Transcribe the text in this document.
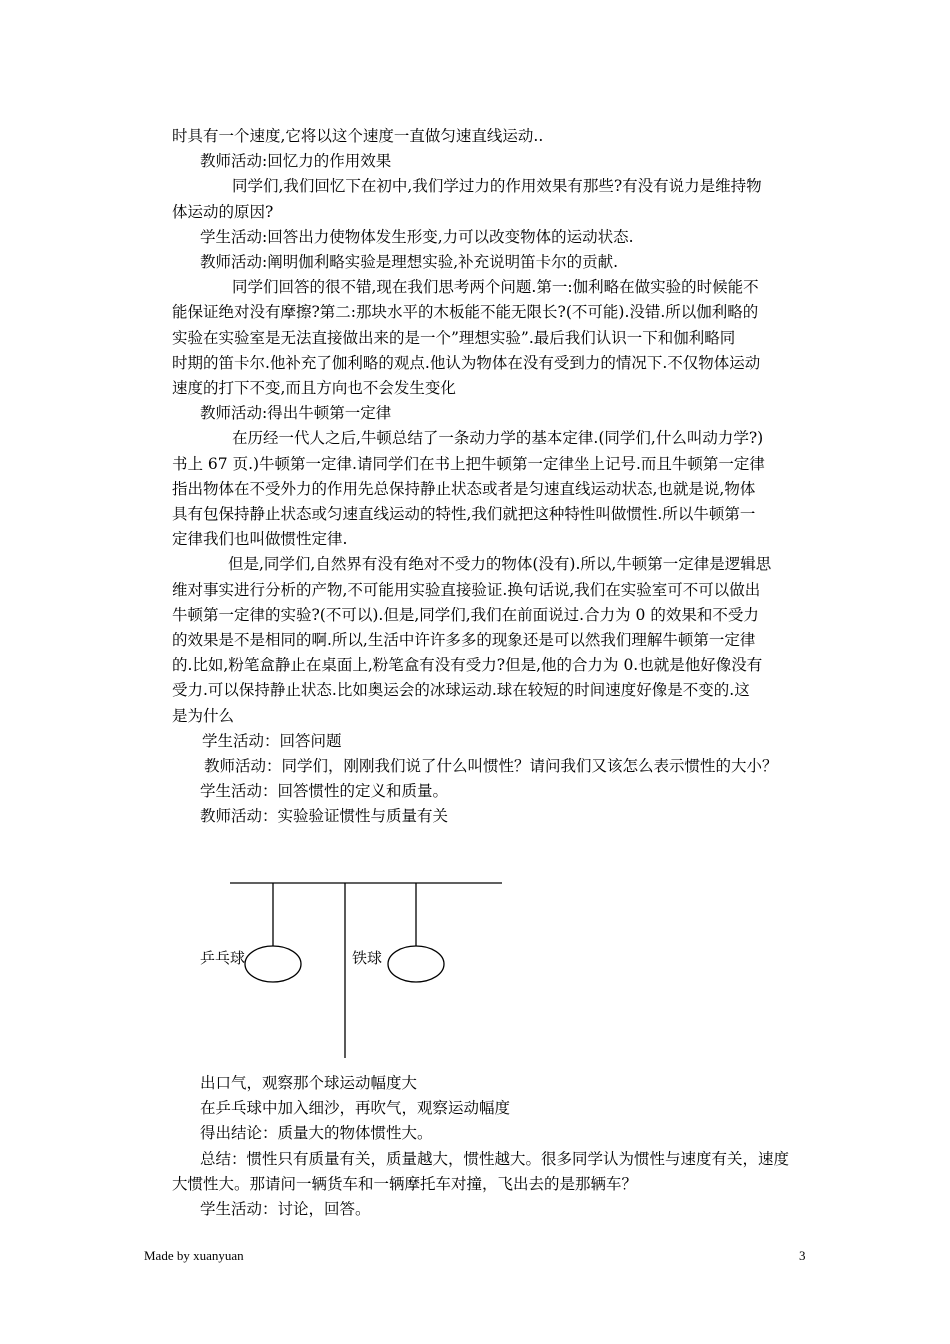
时具有一个速度,它将以这个速度一直做匀速直线运动..
教师活动:回忆力的作用效果
同学们,我们回忆下在初中,我们学过力的作用效果有那些?有没有说力是维持物
体运动的原因?
学生活动:回答出力使物体发生形变,力可以改变物体的运动状态.
教师活动:阐明伽利略实验是理想实验,补充说明笛卡尔的贡献.
同学们回答的很不错,现在我们思考两个问题.第一:伽利略在做实验的时候能不
能保证绝对没有摩擦?第二:那块水平的木板能不能无限长?(不可能).没错.所以伽利略的
实验在实验室是无法直接做出来的是一个”理想实验”.最后我们认识一下和伽利略同
时期的笛卡尔.他补充了伽利略的观点.他认为物体在没有受到力的情况下.不仅物体运动
速度的打下不变,而且方向也不会发生变化
教师活动:得出牛顿第一定律
在历经一代人之后,牛顿总结了一条动力学的基本定律.(同学们,什么叫动力学?)
书上 67 页.)牛顿第一定律.请同学们在书上把牛顿第一定律坐上记号.而且牛顿第一定律
指出物体在不受外力的作用先总保持静止状态或者是匀速直线运动状态,也就是说,物体
具有包保持静止状态或匀速直线运动的特性,我们就把这种特性叫做惯性.所以牛顿第一
定律我们也叫做惯性定律.
但是,同学们,自然界有没有绝对不受力的物体(没有).所以,牛顿第一定律是逻辑思
维对事实进行分析的产物,不可能用实验直接验证.换句话说,我们在实验室可不可以做出
牛顿第一定律的实验?(不可以).但是,同学们,我们在前面说过.合力为 0 的效果和不受力
的效果是不是相同的啊.所以,生活中许许多多的现象还是可以然我们理解牛顿第一定律
的.比如,粉笔盒静止在桌面上,粉笔盒有没有受力?但是,他的合力为 0.也就是他好像没有
受力.可以保持静止状态.比如奥运会的冰球运动.球在较短的时间速度好像是不变的.这
是为什么
学生活动：回答问题
教师活动：同学们，刚刚我们说了什么叫惯性？请问我们又该怎么表示惯性的大小？
学生活动：回答惯性的定义和质量。
教师活动：实验验证惯性与质量有关
乒乓球	铁球
出口气，观察那个球运动幅度大
在乒乓球中加入细沙，再吹气，观察运动幅度
得出结论：质量大的物体惯性大。
总结：惯性只有质量有关，质量越大，惯性越大。很多同学认为惯性与速度有关，速度
大惯性大。那请问一辆货车和一辆摩托车对撞，飞出去的是那辆车？
学生活动：讨论，回答。
Made by xuanyuan	3
